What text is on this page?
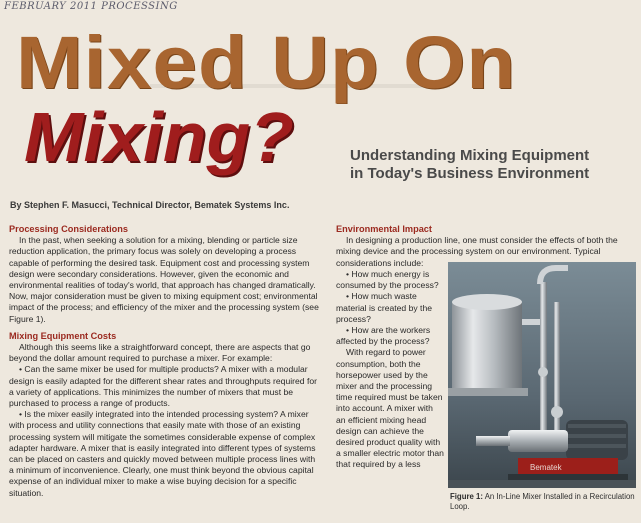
FEBRUARY 2011 PROCESSING
Mixed Up On
Mixing?	Understanding Mixing Equipment
in Today's Business Environment
By Stephen F. Masucci, Technical Director, Bematek Systems Inc.
Processing Considerations

In the past, when seeking a solution for a mixing, blending or particle size reduction application, the primary focus was solely on developing a process capable of performing the desired task. Equipment cost and processing system design were secondary considerations. However, given the economic and environmental realities of today's world, that approach has changed dramatically. Now, major consideration must be given to mixing equipment cost; environmental impact of the process; and efficiency of the mixer and the processing system (see Figure 1).

Mixing Equipment Costs

Although this seems like a straightforward concept, there are aspects that go beyond the dollar amount required to purchase a mixer. For example:

• Can the same mixer be used for multiple products? A mixer with a modular design is easily adapted for the different shear rates and throughputs required for a variety of applications. This minimizes the number of mixers that must be purchased to process a range of products.

• Is the mixer easily integrated into the intended processing system? A mixer with process and utility connections that easily mate with those of an existing processing system will mitigate the sometimes considerable expense of complex adapter hardware. A mixer that is easily integrated into different types of systems can be placed on casters and quickly moved between multiple process lines with a minimum of inconvenience. Clearly, one must think beyond the obvious capital expense of an individual mixer to make a wise buying decision for a specific situation.

Environmental Impact

In designing a production line, one must consider the effects of both the mixing device and the processing system on our environment. Typical considerations include:

• How much energy is consumed by the process?

• How much waste material is created by the process?

• How are the workers affected by the process?

With regard to power consumption, both the horsepower used by the mixer and the processing time required must be taken into account. A mixer with an efficient mixing head design can achieve the desired product quality with a smaller electric motor than that required by a less	Bematek
Figure 1: An In-Line Mixer Installed in a Recirculation Loop.
